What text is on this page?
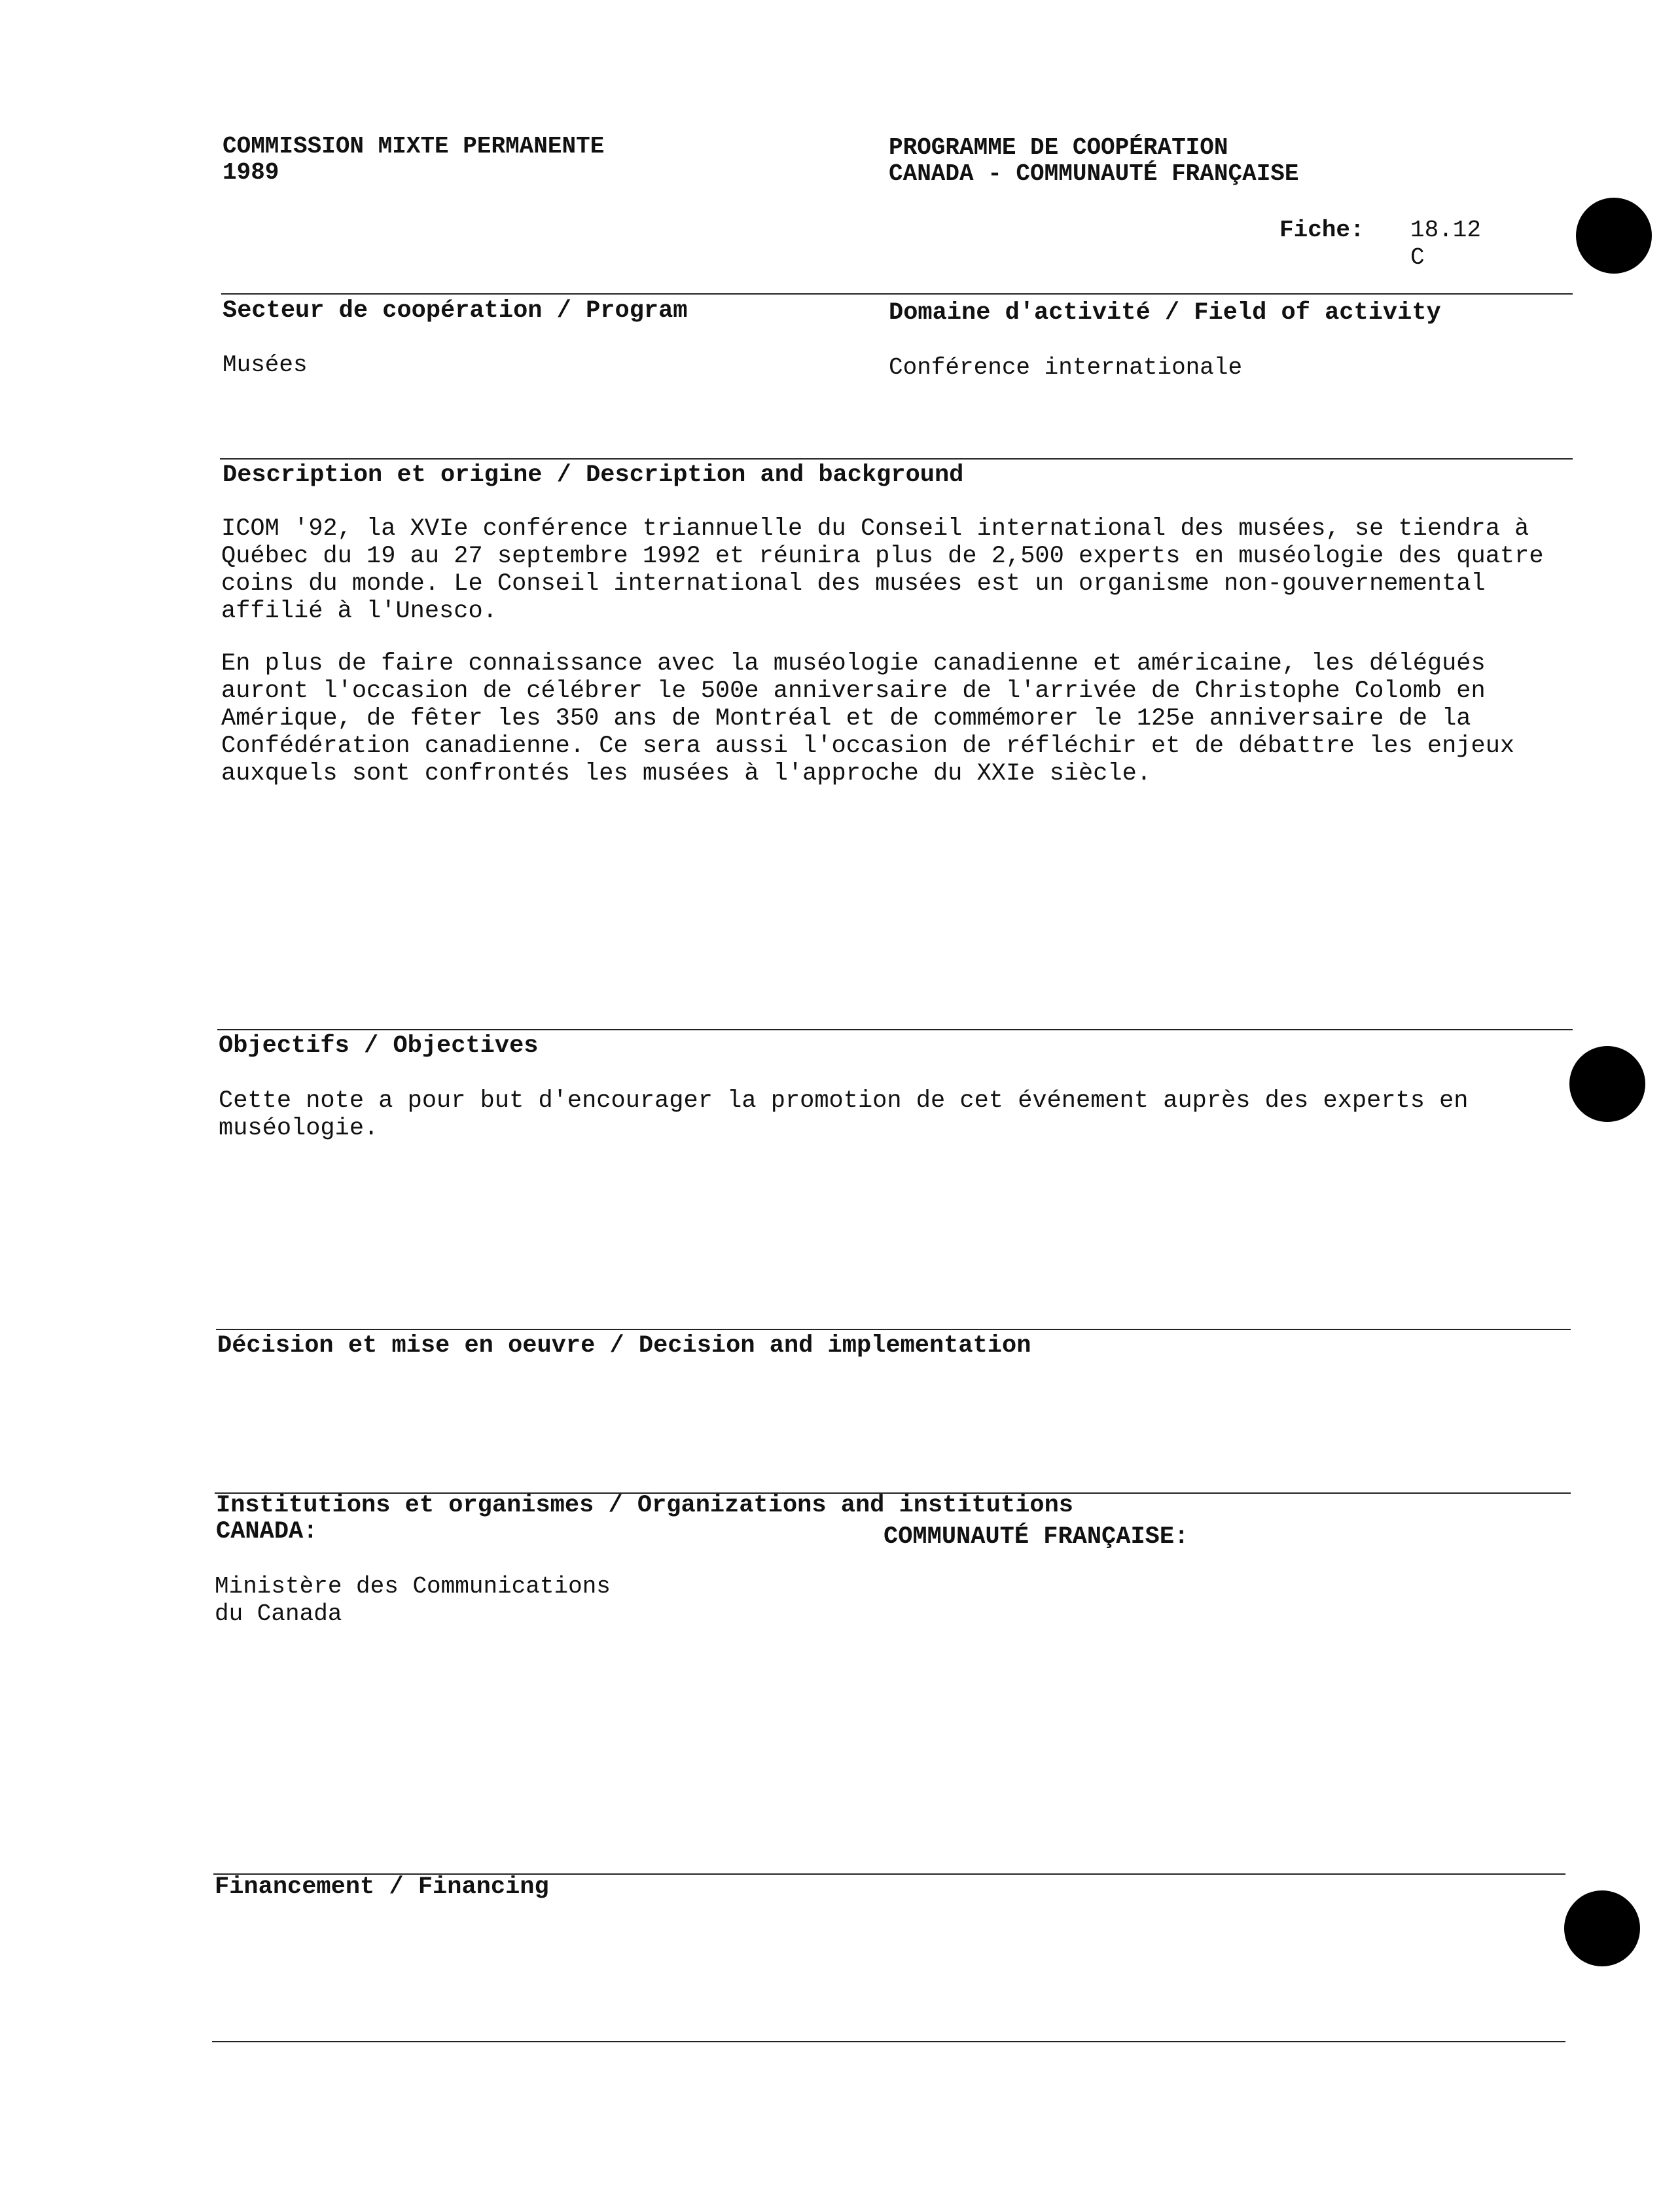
COMMISSION MIXTE PERMANENTE
1989
PROGRAMME DE COOPÉRATION
CANADA - COMMUNAUTÉ FRANÇAISE
Fiche: 18.12
C
Secteur de coopération / Program	Domaine d'activité / Field of activity
Musées	Conférence internationale
Description et origine / Description and background

ICOM '92, la XVIe conférence triannuelle du Conseil international des musées, se tiendra à Québec du 19 au 27 septembre 1992 et réunira plus de 2,500 experts en muséologie des quatre coins du monde. Le Conseil international des musées est un organisme non-gouvernemental affilié à l'Unesco.

En plus de faire connaissance avec la muséologie canadienne et américaine, les délégués auront l'occasion de célébrer le 500e anniversaire de l'arrivée de Christophe Colomb en Amérique, de fêter les 350 ans de Montréal et de commémorer le 125e anniversaire de la Confédération canadienne. Ce sera aussi l'occasion de réfléchir et de débattre les enjeux auxquels sont confrontés les musées à l'approche du XXIe siècle.

Objectifs / Objectives
Cette note a pour but d'encourager la promotion de cet événement auprès des experts en muséologie.
Décision et mise en oeuvre / Decision and implementation
Institutions et organismes / Organizations and institutions
CANADA:	COMMUNAUTÉ FRANÇAISE:
Ministère des Communications
du Canada
Financement / Financing
